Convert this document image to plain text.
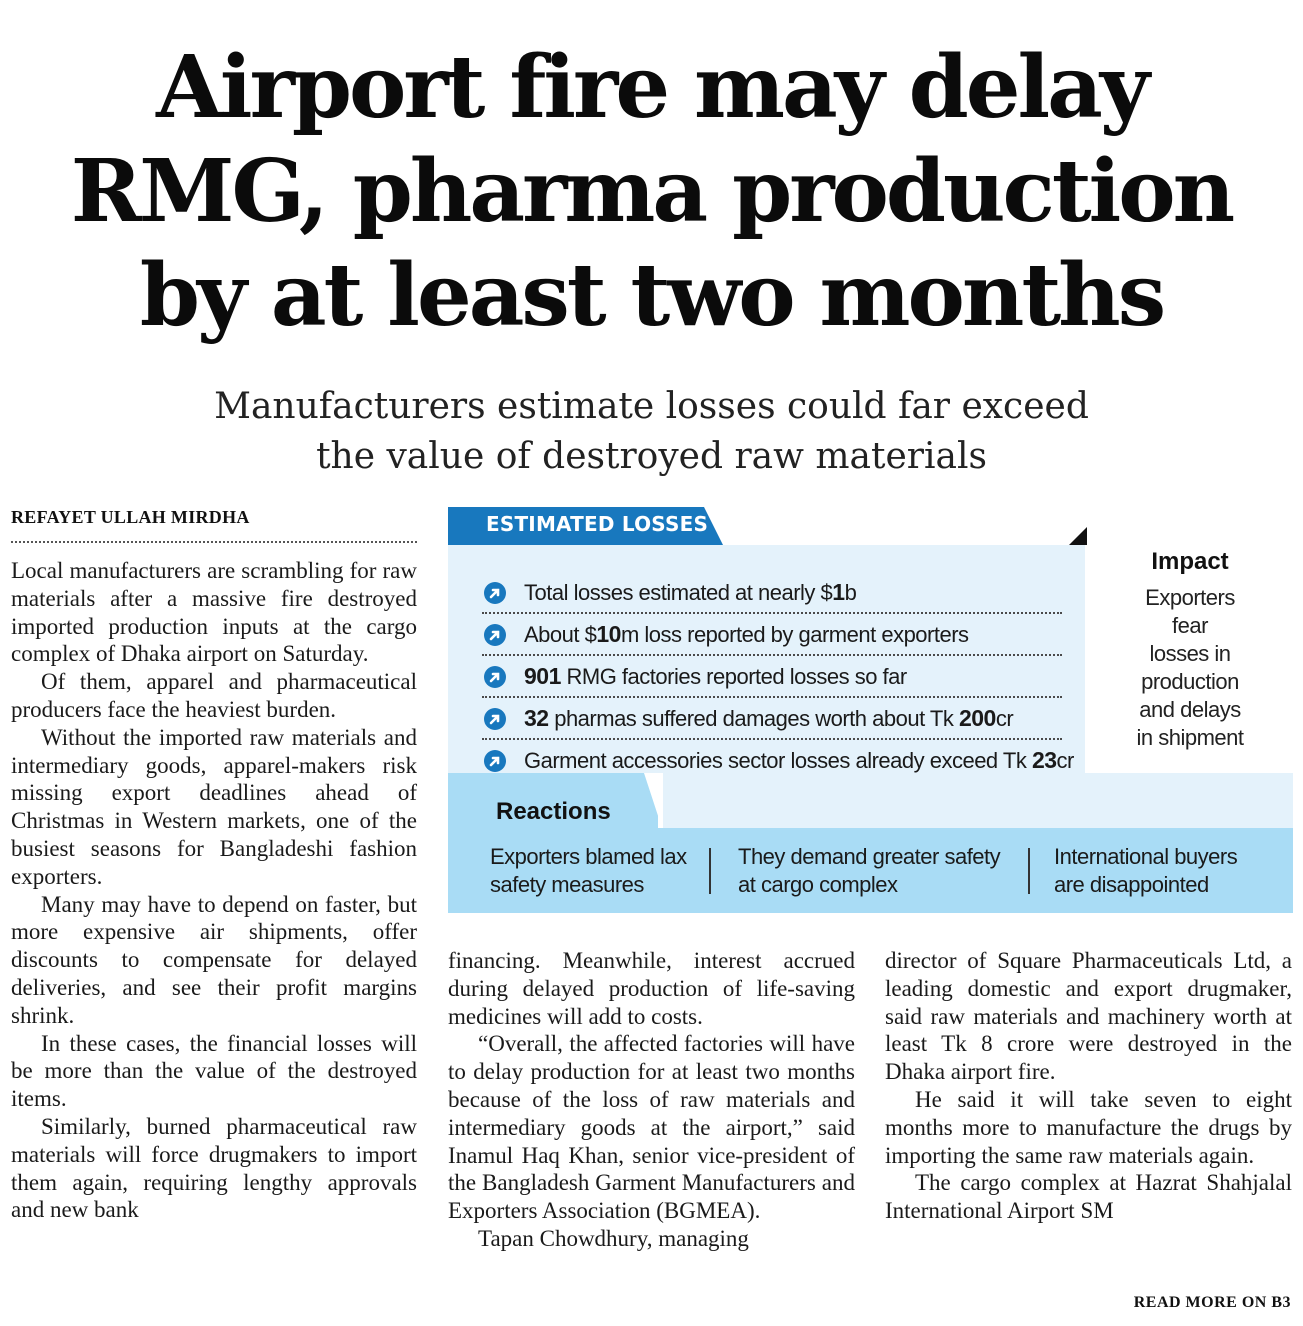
Airport fire may delay
RMG, pharma production
by at least two months
Manufacturers estimate losses could far exceed
the value of destroyed raw materials
REFAYET ULLAH MIRDHA

Local manufacturers are scrambling for raw materials after a massive fire destroyed imported production inputs at the cargo complex of Dhaka airport on Saturday.

Of them, apparel and pharmaceutical producers face the heaviest burden.

Without the imported raw materials and intermediary goods, apparel-makers risk missing export deadlines ahead of Christmas in Western markets, one of the busiest seasons for Bangladeshi fashion exporters.

Many may have to depend on faster, but more expensive air shipments, offer discounts to compensate for delayed deliveries, and see their profit margins shrink.

In these cases, the financial losses will be more than the value of the destroyed items.

Similarly, burned pharmaceutical raw materials will force drugmakers to import them again, requiring lengthy approvals and new bank

ESTIMATED LOSSES
Total losses estimated at nearly $1b
About $10m loss reported by garment exporters
901 RMG factories reported losses so far
32 pharmas suffered damages worth about Tk 200cr
Garment accessories sector losses already exceed Tk 23cr
Impact
Exporters
fear
losses in
production
and delays
in shipment
Reactions
Exporters blamed lax
safety measures
They demand greater safety
at cargo complex
International buyers
are disappointed

financing. Meanwhile, interest accrued during delayed production of life-saving medicines will add to costs.

“Overall, the affected factories will have to delay production for at least two months because of the loss of raw materials and intermediary goods at the airport,” said Inamul Haq Khan, senior vice-president of the Bangladesh Garment Manufacturers and Exporters Association (BGMEA).

Tapan Chowdhury, managing

director of Square Pharmaceuticals Ltd, a leading domestic and export drugmaker, said raw materials and machinery worth at least Tk 8 crore were destroyed in the Dhaka airport fire.

He said it will take seven to eight months more to manufacture the drugs by importing the same raw materials again.

The cargo complex at Hazrat Shahjalal International Airport SM

READ MORE ON B3
